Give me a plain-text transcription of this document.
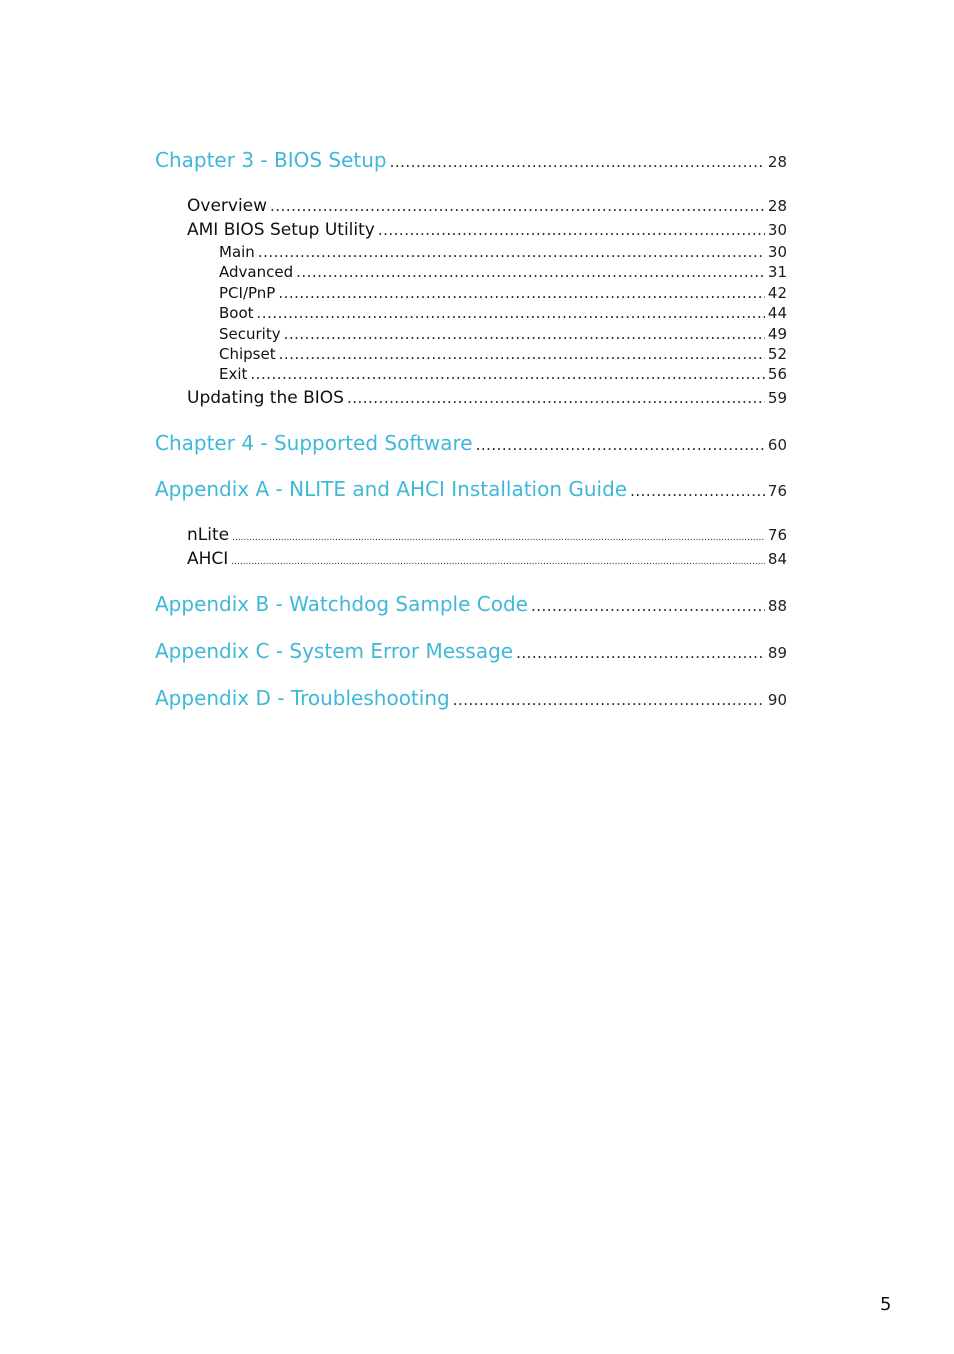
Chapter 3 - BIOS Setup .....	28
Overview .....	28
AMI BIOS Setup Utility .....	30
Main .....	30
Advanced .....	31
PCI/PnP .....	42
Boot .....	44
Security .....	49
Chipset .....	52
Exit .....	56
Updating the BIOS .....	59
Chapter 4 - Supported Software .....	60
Appendix A - NLITE and AHCI Installation Guide .....	76
nLite .....	76
AHCI .....	84
Appendix B - Watchdog Sample Code .....	88
Appendix C - System Error Message .....	89
Appendix D - Troubleshooting .....	90
5
